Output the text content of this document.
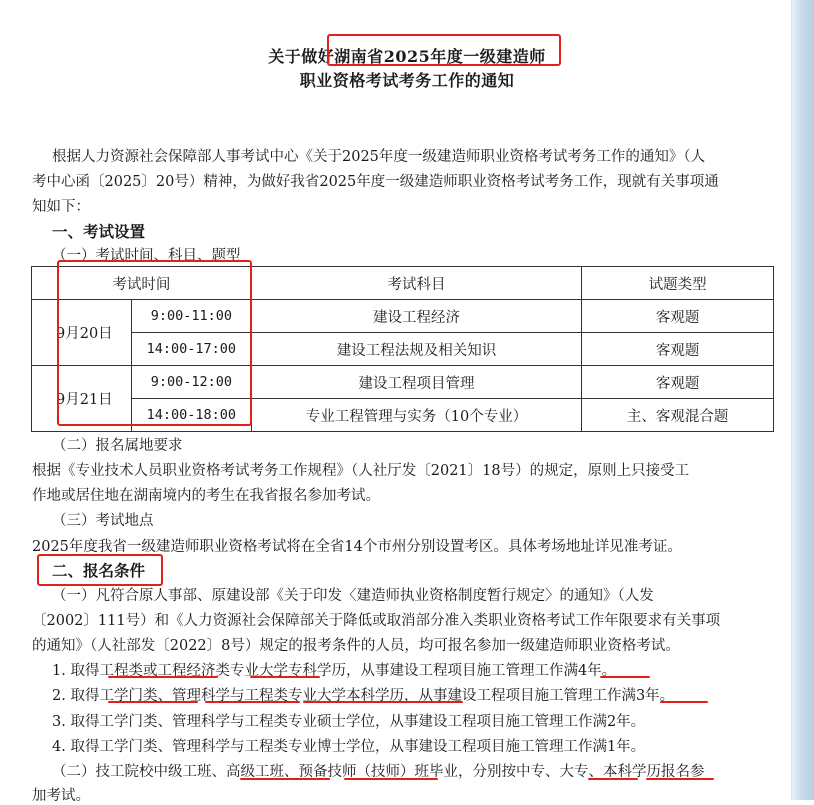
关于做好湖南省2025年度一级建造师
职业资格考试考务工作的通知
根据人力资源社会保障部人事考试中心《关于2025年度一级建造师职业资格考试考务工作的通知》（人
考中心函〔2025〕20号）精神，为做好我省2025年度一级建造师职业资格考试考务工作，现就有关事项通
知如下：
一、考试设置
（一）考试时间、科目、题型
考试时间		考试科目	试题类型
9月20日	9:00-11:00	建设工程经济	客观题
	14:00-17:00	建设工程法规及相关知识	客观题
9月21日	9:00-12:00	建设工程项目管理	客观题
	14:00-18:00	专业工程管理与实务（10个专业）	主、客观混合题
（二）报名属地要求
根据《专业技术人员职业资格考试考务工作规程》（人社厅发〔2021〕18号）的规定，原则上只接受工
作地或居住地在湖南境内的考生在我省报名参加考试。
（三）考试地点
2025年度我省一级建造师职业资格考试将在全省14个市州分别设置考区。具体考场地址详见准考证。
二、报名条件
（一）凡符合原人事部、原建设部《关于印发〈建造师执业资格制度暂行规定〉的通知》（人发
〔2002〕111号）和《人力资源社会保障部关于降低或取消部分准入类职业资格考试工作年限要求有关事项
的通知》（人社部发〔2022〕8号）规定的报考条件的人员，均可报名参加一级建造师职业资格考试。
1. 取得工程类或工程经济类专业大学专科学历，从事建设工程项目施工管理工作满4年。
2. 取得工学门类、管理科学与工程类专业大学本科学历，从事建设工程项目施工管理工作满3年。
3. 取得工学门类、管理科学与工程类专业硕士学位，从事建设工程项目施工管理工作满2年。
4. 取得工学门类、管理科学与工程类专业博士学位，从事建设工程项目施工管理工作满1年。
（二）技工院校中级工班、高级工班、预备技师（技师）班毕业，分别按中专、大专、本科学历报名参
加考试。
